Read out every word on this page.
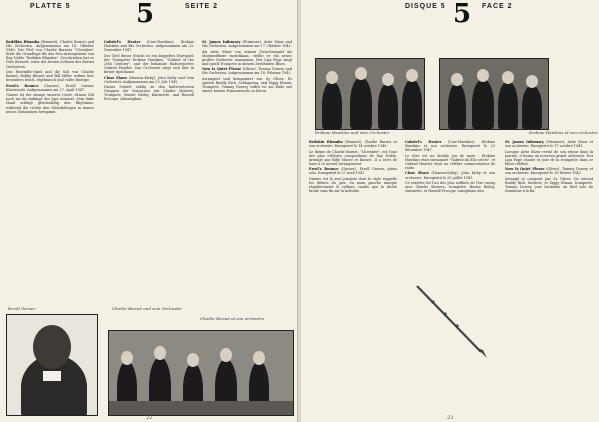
PLATTE 5	5	SEITE 2

Reddkin Rhumba (Bennett), Charlie Barnet und His Orchestra. Aufgenommen am 14. Oktober 1940. Die Titel von Charlie Barnets "Cherokee" führt die Grundlage für das Neu-Arrangement von Ray Noble "Redskin Rhumba". Geschrieben hat es Dale Bennett, einer der besten Solisten des Barnet Orchesters.

Das Ensemble-Spiel und die Soli von Charlie Barnet, Bobby Burnet und Bill Miller wirken hier besonders frisch, rhythmisch und voller Energie.

Errol's Bounce (Garner), Erroll Garner, Klaviersolo. Aufgenommen am 27. April 1947.

Garner ist der einzige unserer Leute, dessen Stil noch an die Anfänge des Jazz erinnert. Sein linke Hand schlägt gleichmäßig den Rhythmus, während die rechte den Melodiebogen in immer neuen Variationen fortspinnt.

Gabriel's Heater (Carr-Hawkins), Erskine Hawkins and His Orchestra. Aufgenommen am 23. Dezember 1947.

Der Titel dieser Stücks ist ein doppeltes Wortspiel: der Trompeter Erskine Hawkins, "Gabriel of the 20th Century", und der bekannte Radioreporter Gabriel Heatter. Das Orchester zeigt sich hier in bester Spiellaune.

Close Shave (Hansen-Kirby), John Kirby und Sein Orchester. Aufgenommen am 25. Juli 1941.

Dieses Sextett zählte zu den kultiviertesten Gruppen der Swing-Ära mit Charlie Shavers, Trompete, Buster Bailey, Klarinette, und Russell Procope, Altsaxophon.

St. James Infirmary (Primrose), Artie Shaw and His Orchestra. Aufgenommen am 17. Oktober 1941.

Als Artie Shaw von seinem Zwischenspiel als Marineoffizier zurückkam, stellte er ein neues großes Orchester zusammen. Hot Lips Page singt und spielt Trompete in diesem berühmten Blues.

Now Is Quiet Please (Oliver), Tommy Dorsey and His Orchestra. Aufgenommen am 18. Februar 1942.

Arrangiert und komponiert von Sy Oliver. Es spielen Buddy Rich, Schlagzeug, und Ziggy Elman, Trompete. Tommy Dorsey selbst ist am Ende mit einem kurzen Posaunensolo zu hören.

Erroll Garner	Charlie Barnet und sein Orchester
Charlie Barnet et son orchestre
22
DISQUE 5 5 FACE 2
Erskine Hawkins und sein Orchester	Erskine Hawkins et son orchestre

Redskin Rhumba (Bennett), Charlie Barnet et son orchestre. Enregistré le 14 octobre 1940.

Le thème de Charlie Barnet, "Cherokee", est l'une des plus célèbres compositions de Ray Noble, arrangé par Billy Moore et Barnet. Il a servi de base à ce nouvel arrangement.

Errol's Bounce (Garner), Erroll Garner, piano solo. Enregistré le 27 avril 1947.

Garner est le seul pianiste dont le style rappelle les débuts du jazz. Sa main gauche marque régulièrement le rythme, tandis que la droite brode sans fin sur la mélodie.

Gabriel's Heater (Carr-Hawkins), Erskine Hawkins et son orchestre. Enregistré le 23 décembre 1947.

Le titre est un double jeu de mots : Erskine Hawkins était surnommé "Gabriel du XXe siècle", et Gabriel Heatter était un célèbre commentateur de radio.

Close Shave (Hansen-Kirby), John Kirby et son orchestre. Enregistré le 25 juillet 1941.

Ce sextette fut l'un des plus raffinés de l'ère swing avec Charlie Shavers, trompette, Buster Bailey, clarinette, et Russell Procope, saxophone alto.

St. James Infirmary (Primrose), Artie Shaw et son orchestre. Enregistré le 17 octobre 1941.

Lorsque Artie Shaw revint de son séjour dans la marine, il forma un nouveau grand orchestre. Hot Lips Page chante et joue de la trompette dans ce blues célèbre.

Now Is Quiet Please (Oliver), Tommy Dorsey et son orchestre. Enregistré le 18 février 1942.

Arrangé et composé par Sy Oliver. On entend Buddy Rich, batterie, et Ziggy Elman, trompette. Tommy Dorsey joue lui-même un bref solo de trombone à la fin.

23
